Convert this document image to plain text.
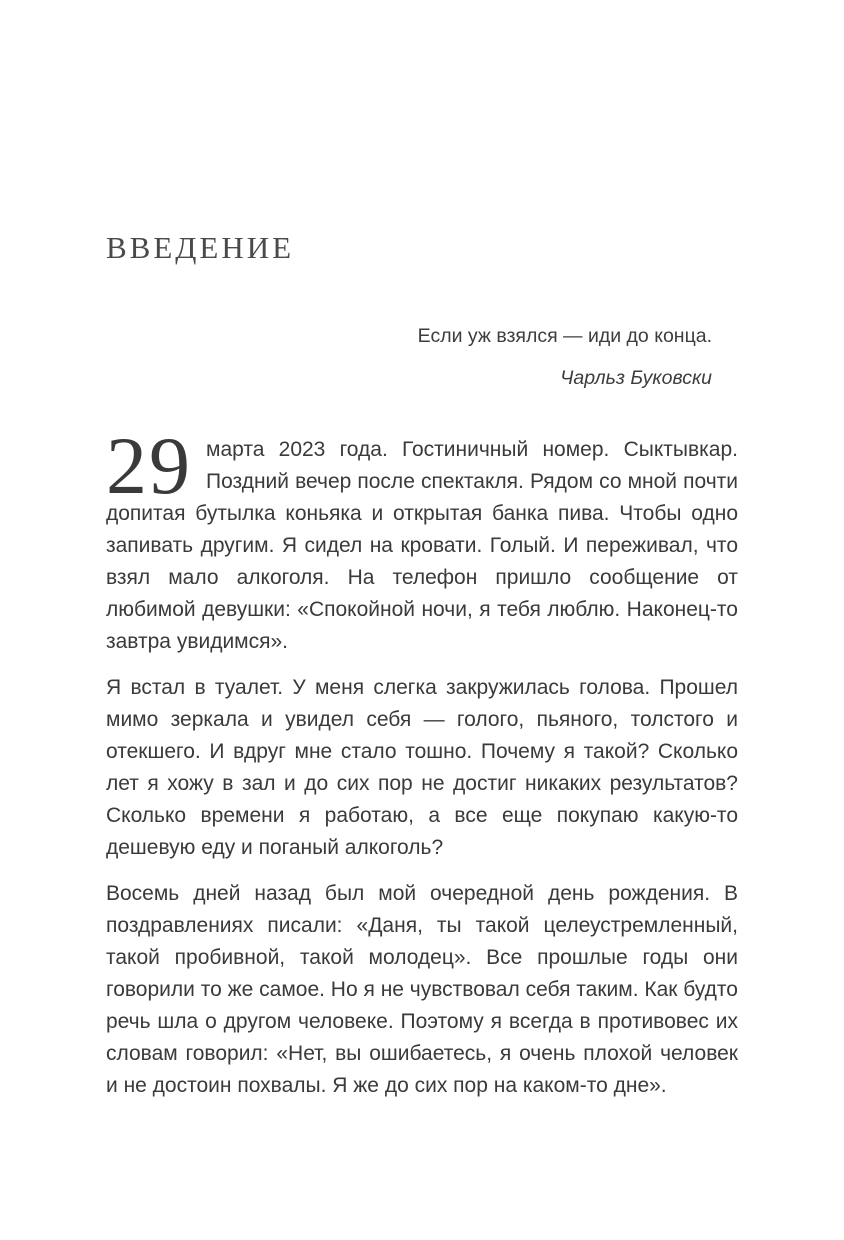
ВВЕДЕНИЕ

Если уж взялся — иди до конца.

Чарльз Буковски

29 марта 2023 года. Гостиничный номер. Сыктывкар. Поздний вечер после спектакля. Рядом со мной почти допитая бутылка коньяка и открытая банка пива. Чтобы одно запивать другим. Я сидел на кровати. Голый. И переживал, что взял мало алкоголя. На телефон пришло сообщение от любимой девушки: «Спокойной ночи, я тебя люблю. Наконец-то завтра увидимся».

Я встал в туалет. У меня слегка закружилась голова. Прошел мимо зеркала и увидел себя — голого, пьяного, толстого и отекшего. И вдруг мне стало тошно. Почему я такой? Сколько лет я хожу в зал и до сих пор не достиг никаких результатов? Сколько времени я работаю, а все еще покупаю какую-то дешевую еду и поганый алкоголь?

Восемь дней назад был мой очередной день рождения. В поздравлениях писали: «Даня, ты такой целеустремленный, такой пробивной, такой молодец». Все прошлые годы они говорили то же самое. Но я не чувствовал себя таким. Как будто речь шла о другом человеке. Поэтому я всегда в противовес их словам говорил: «Нет, вы ошибаетесь, я очень плохой человек и не достоин похвалы. Я же до сих пор на каком-то дне».
